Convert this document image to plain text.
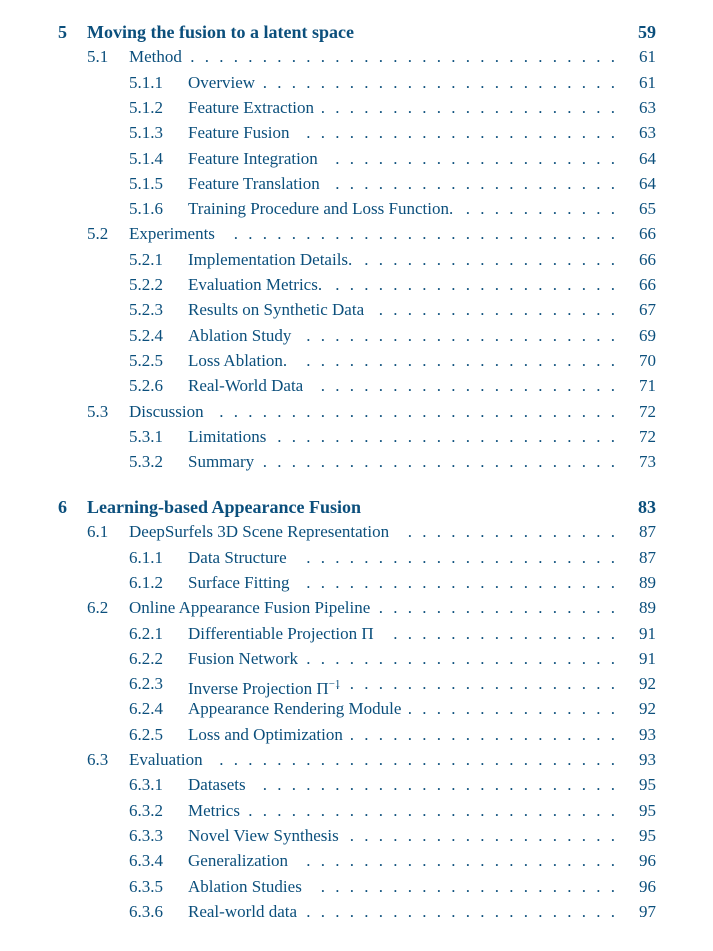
5 Moving the fusion to a latent space	59
5.1 Method	61
. . .
5.1.1 Overview	61
. . .
5.1.2 Feature Extraction	63
. . .
5.1.3 Feature Fusion	63
. . .
5.1.4 Feature Integration	64
. . .
5.1.5 Feature Translation	64
. . .
5.1.6 Training Procedure and Loss Function.	65
. . .
5.2 Experiments	66
. . .
5.2.1 Implementation Details.	66
. . .
5.2.2 Evaluation Metrics.	66
. . .
5.2.3 Results on Synthetic Data	67
. . .
5.2.4 Ablation Study	69
. . .
5.2.5 Loss Ablation.	70
. . .
5.2.6 Real-World Data	71
. . .
5.3 Discussion	72
. . .
5.3.1 Limitations	72
. . .
5.3.2 Summary	73
. . .
6 Learning-based Appearance Fusion	83
6.1 DeepSurfels 3D Scene Representation	87
. . .
6.1.1 Data Structure	87
. . .
6.1.2 Surface Fitting	89
. . .
6.2 Online Appearance Fusion Pipeline	89
. . .
6.2.1 Differentiable Projection Π	91
. . .
6.2.2 Fusion Network	91
. . .
6.2.3 Inverse Projection $\Pi^{-1}$	92
. . .
6.2.4 Appearance Rendering Module	92
. . .
6.2.5 Loss and Optimization	93
. . .
6.3 Evaluation	93
. . .
6.3.1 Datasets	95
. . .
6.3.2 Metrics	95
. . .
6.3.3 Novel View Synthesis	95
. . .
6.3.4 Generalization	96
. . .
6.3.5 Ablation Studies	96
. . .
6.3.6 Real-world data	97
. . .
